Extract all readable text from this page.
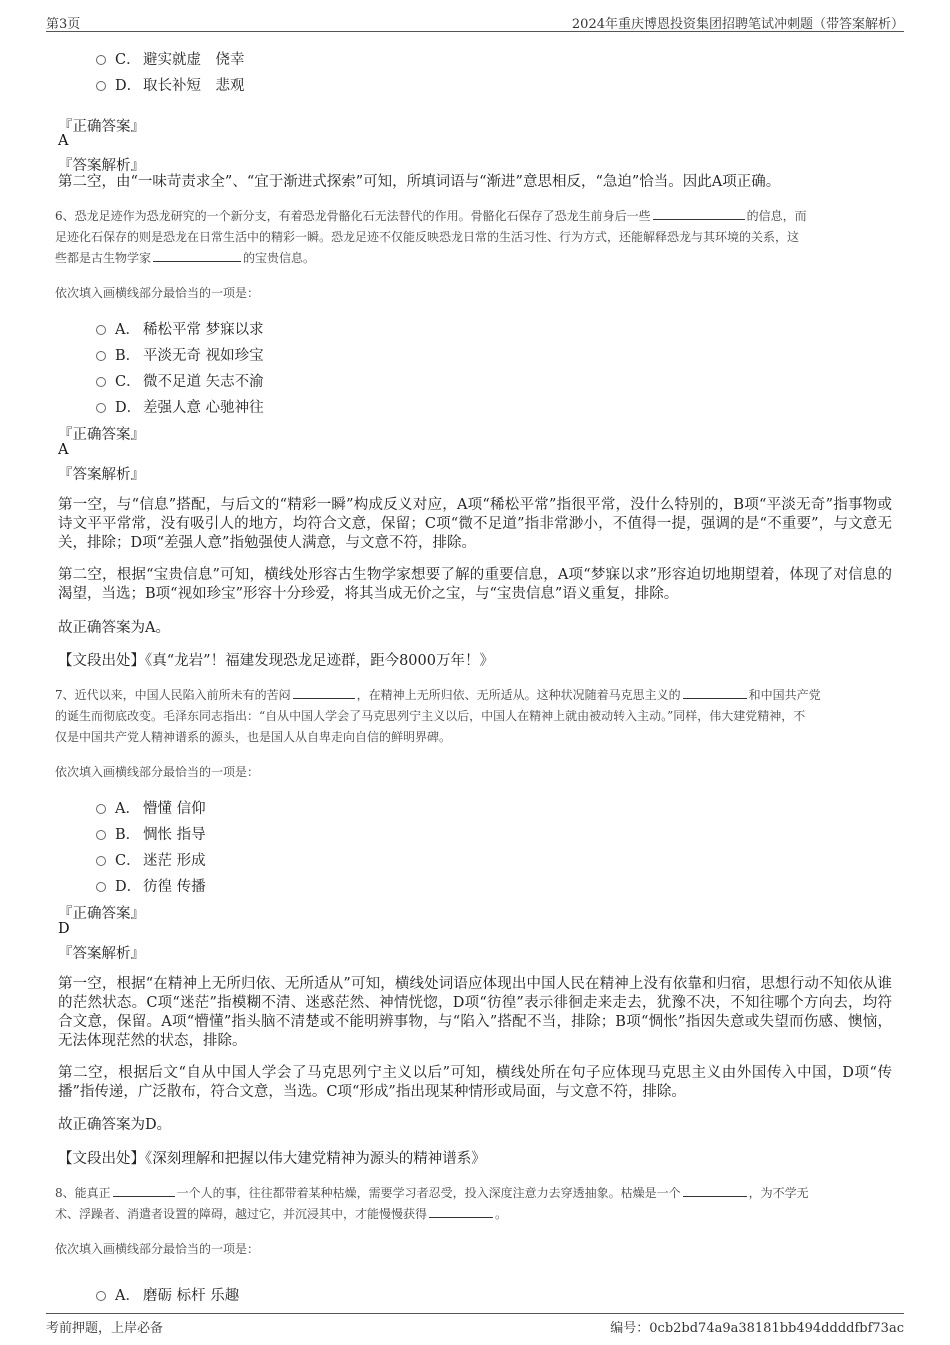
第3页	2024年重庆博恩投资集团招聘笔试冲刺题（带答案解析）
C． 避实就虚　侥幸
D． 取长补短　悲观
『正确答案』
A
『答案解析』
第二空，由“一味苛责求全”、“宜于渐进式探索”可知，所填词语与“渐进”意思相反，“急迫”恰当。因此A项正确。
6、恐龙足迹作为恐龙研究的一个新分支，有着恐龙骨骼化石无法替代的作用。骨骼化石保存了恐龙生前身后一些	的信息，而
足迹化石保存的则是恐龙在日常生活中的精彩一瞬。恐龙足迹不仅能反映恐龙日常的生活习性、行为方式，还能解释恐龙与其环境的关系，这
些都是古生物学家	的宝贵信息。
依次填入画横线部分最恰当的一项是：
A． 稀松平常 梦寐以求
B． 平淡无奇 视如珍宝
C． 微不足道 矢志不渝
D． 差强人意 心驰神往
『正确答案』
A
『答案解析』
第一空，与“信息”搭配，与后文的“精彩一瞬”构成反义对应，A项“稀松平常”指很平常，没什么特别的，B项“平淡无奇”指事物或诗文平平常常，没有吸引人的地方，均符合文意，保留；C项“微不足道”指非常渺小，不值得一提，强调的是“不重要”，与文意无关，排除；D项“差强人意”指勉强使人满意，与文意不符，排除。
第二空，根据“宝贵信息”可知，横线处形容古生物学家想要了解的重要信息，A项“梦寐以求”形容迫切地期望着，体现了对信息的渴望，当选；B项“视如珍宝”形容十分珍爱，将其当成无价之宝，与“宝贵信息”语义重复，排除。
故正确答案为A。
【文段出处】《真“龙岩”！福建发现恐龙足迹群，距今8000万年！》
7、近代以来，中国人民陷入前所未有的苦闷	，在精神上无所归依、无所适从。这种状况随着马克思主义的	和中国共产党
的诞生而彻底改变。毛泽东同志指出：“自从中国人学会了马克思列宁主义以后，中国人在精神上就由被动转入主动。”同样，伟大建党精神，不
仅是中国共产党人精神谱系的源头，也是国人从自卑走向自信的鲜明界碑。
依次填入画横线部分最恰当的一项是：
A． 懵懂 信仰
B． 惆怅 指导
C． 迷茫 形成
D． 彷徨 传播
『正确答案』
D
『答案解析』
第一空，根据“在精神上无所归依、无所适从”可知，横线处词语应体现出中国人民在精神上没有依靠和归宿，思想行动不知依从谁的茫然状态。C项“迷茫”指模糊不清、迷惑茫然、神情恍惚，D项“彷徨”表示徘徊走来走去，犹豫不决，不知往哪个方向去，均符合文意，保留。A项“懵懂”指头脑不清楚或不能明辨事物，与“陷入”搭配不当，排除；B项“惆怅”指因失意或失望而伤感、懊恼，无法体现茫然的状态，排除。
第二空，根据后文“自从中国人学会了马克思列宁主义以后”可知，横线处所在句子应体现马克思主义由外国传入中国，D项“传播”指传递，广泛散布，符合文意，当选。C项“形成”指出现某种情形或局面，与文意不符，排除。
故正确答案为D。
【文段出处】《深刻理解和把握以伟大建党精神为源头的精神谱系》
8、能真正	一个人的事，往往都带着某种枯燥，需要学习者忍受，投入深度注意力去穿透抽象。枯燥是一个	，为不学无
术、浮躁者、消遣者设置的障碍，越过它，并沉浸其中，才能慢慢获得	。
依次填入画横线部分最恰当的一项是：
A． 磨砺 标杆 乐趣
考前押题，上岸必备	编号：0cb2bd74a9a38181bb494ddddfbf73ac
